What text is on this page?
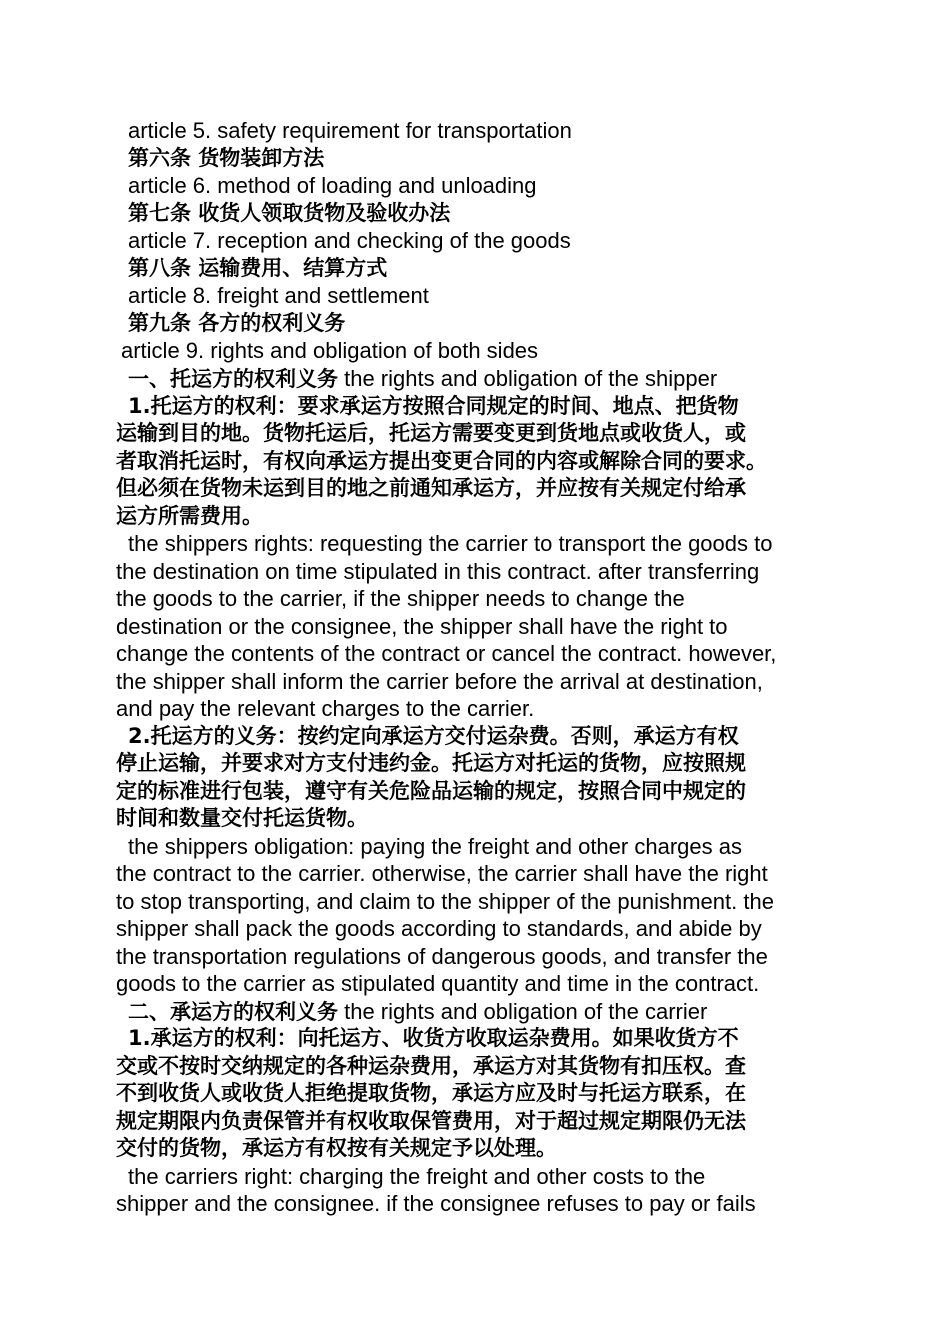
article 5. safety requirement for transportation
第六条 货物装卸方法
article 6. method of loading and unloading
第七条 收货人领取货物及验收办法
article 7. reception and checking of the goods
第八条 运输费用、结算方式
article 8. freight and settlement
第九条 各方的权利义务
article 9. rights and obligation of both sides
一、托运方的权利义务 the rights and obligation of the shipper
1.托运方的权利：要求承运方按照合同规定的时间、地点、把货物
运输到目的地。货物托运后，托运方需要变更到货地点或收货人，或
者取消托运时，有权向承运方提出变更合同的内容或解除合同的要求。
但必须在货物未运到目的地之前通知承运方，并应按有关规定付给承
运方所需费用。
the shippers rights: requesting the carrier to transport the goods to
the destination on time stipulated in this contract. after transferring
the goods to the carrier, if the shipper needs to change the
destination or the consignee, the shipper shall have the right to
change the contents of the contract or cancel the contract. however,
the shipper shall inform the carrier before the arrival at destination,
and pay the relevant charges to the carrier.
2.托运方的义务：按约定向承运方交付运杂费。否则，承运方有权
停止运输，并要求对方支付违约金。托运方对托运的货物，应按照规
定的标准进行包装，遵守有关危险品运输的规定，按照合同中规定的
时间和数量交付托运货物。
the shippers obligation: paying the freight and other charges as
the contract to the carrier. otherwise, the carrier shall have the right
to stop transporting, and claim to the shipper of the punishment. the
shipper shall pack the goods according to standards, and abide by
the transportation regulations of dangerous goods, and transfer the
goods to the carrier as stipulated quantity and time in the contract.
二、承运方的权利义务 the rights and obligation of the carrier
1.承运方的权利：向托运方、收货方收取运杂费用。如果收货方不
交或不按时交纳规定的各种运杂费用，承运方对其货物有扣压权。查
不到收货人或收货人拒绝提取货物，承运方应及时与托运方联系，在
规定期限内负责保管并有权收取保管费用，对于超过规定期限仍无法
交付的货物，承运方有权按有关规定予以处理。
the carriers right: charging the freight and other costs to the
shipper and the consignee. if the consignee refuses to pay or fails
